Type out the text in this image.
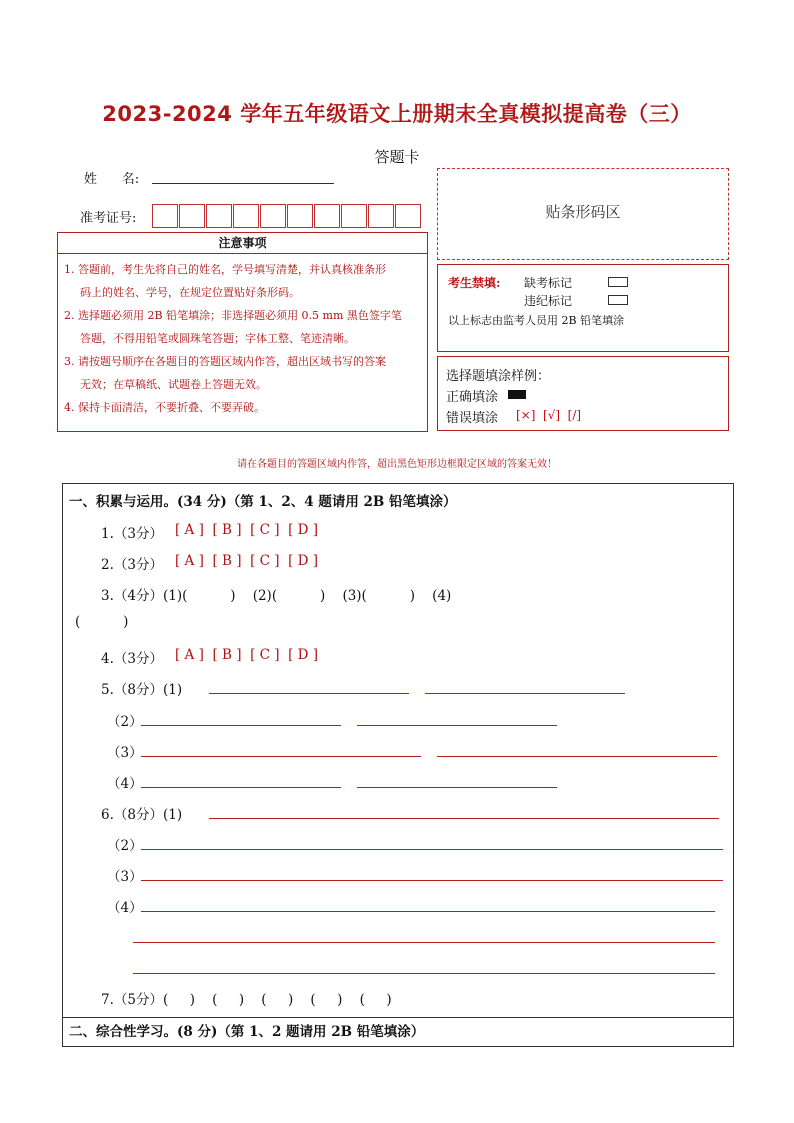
2023-2024 学年五年级语文上册期末全真模拟提高卷（三）
答题卡
姓      名:
准考证号:
注意事项

1. 答题前，考生先将自己的姓名，学号填写清楚，并认真核准条形

码上的姓名、学号，在规定位置贴好条形码。

2. 选择题必须用 2B 铅笔填涂；非选择题必须用 0.5 mm 黑色签字笔

答题，不得用铅笔或圆珠笔答题；字体工整、笔迹清晰。

3. 请按题号顺序在各题目的答题区域内作答，超出区域书写的答案

无效；在草稿纸、试题卷上答题无效。

4. 保持卡面清洁，不要折叠、不要弄破。

贴条形码区
考生禁填: 缺考标记
违纪标记
以上标志由监考人员用 2B 铅笔填涂
选择题填涂样例：
正确填涂
错误填涂 [×]  [√]  [/]
请在各题目的答题区域内作答，超出黑色矩形边框限定区域的答案无效！
一、积累与运用。(34 分)（第 1、2、4 题请用 2B 铅笔填涂）
1.（3分） [ A ]  [ B ]  [ C ]  [ D ]
2.（3分） [ A ]  [ B ]  [ C ]  [ D ]
3.（4分）(1)(          )    (2)(          )    (3)(          )    (4)
(          )
4.（3分） [ A ]  [ B ]  [ C ]  [ D ]
5.（8分）(1)
（2）
（3）
（4）
6.（8分）(1)
（2）
（3）
（4）
7.（5分）(     )    (     )    (     )    (     )    (     )
二、综合性学习。(8 分)（第 1、2 题请用 2B 铅笔填涂）
